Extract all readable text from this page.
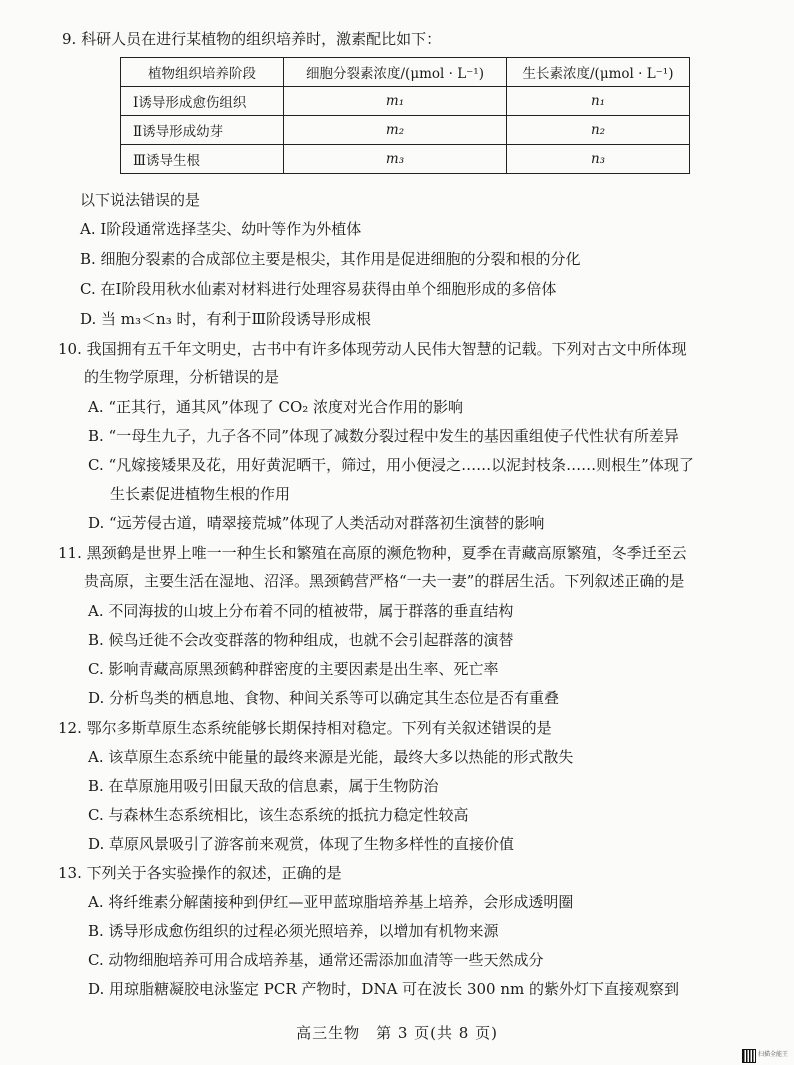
9. 科研人员在进行某植物的组织培养时，激素配比如下：
植物组织培养阶段	细胞分裂素浓度/(μmol · L⁻¹)	生长素浓度/(μmol · L⁻¹)
Ⅰ诱导形成愈伤组织	m₁	n₁
Ⅱ诱导形成幼芽	m₂	n₂
Ⅲ诱导生根	m₃	n₃
以下说法错误的是
A. Ⅰ阶段通常选择茎尖、幼叶等作为外植体
B. 细胞分裂素的合成部位主要是根尖，其作用是促进细胞的分裂和根的分化
C. 在Ⅰ阶段用秋水仙素对材料进行处理容易获得由单个细胞形成的多倍体
D. 当 m₃＜n₃ 时，有利于Ⅲ阶段诱导形成根
10. 我国拥有五千年文明史，古书中有许多体现劳动人民伟大智慧的记载。下列对古文中所体现
的生物学原理，分析错误的是
A. “正其行，通其风”体现了 CO₂ 浓度对光合作用的影响
B. “一母生九子，九子各不同”体现了减数分裂过程中发生的基因重组使子代性状有所差异
C. “凡嫁接矮果及花，用好黄泥晒干，筛过，用小便浸之……以泥封枝条……则根生”体现了
生长素促进植物生根的作用
D. “远芳侵古道，晴翠接荒城”体现了人类活动对群落初生演替的影响
11. 黑颈鹤是世界上唯一一种生长和繁殖在高原的濒危物种，夏季在青藏高原繁殖，冬季迁至云
贵高原，主要生活在湿地、沼泽。黑颈鹤营严格“一夫一妻”的群居生活。下列叙述正确的是
A. 不同海拔的山坡上分布着不同的植被带，属于群落的垂直结构
B. 候鸟迁徙不会改变群落的物种组成，也就不会引起群落的演替
C. 影响青藏高原黑颈鹤种群密度的主要因素是出生率、死亡率
D. 分析鸟类的栖息地、食物、种间关系等可以确定其生态位是否有重叠
12. 鄂尔多斯草原生态系统能够长期保持相对稳定。下列有关叙述错误的是
A. 该草原生态系统中能量的最终来源是光能，最终大多以热能的形式散失
B. 在草原施用吸引田鼠天敌的信息素，属于生物防治
C. 与森林生态系统相比，该生态系统的抵抗力稳定性较高
D. 草原风景吸引了游客前来观赏，体现了生物多样性的直接价值
13. 下列关于各实验操作的叙述，正确的是
A. 将纤维素分解菌接种到伊红—亚甲蓝琼脂培养基上培养，会形成透明圈
B. 诱导形成愈伤组织的过程必须光照培养，以增加有机物来源
C. 动物细胞培养可用合成培养基，通常还需添加血清等一些天然成分
D. 用琼脂糖凝胶电泳鉴定 PCR 产物时，DNA 可在波长 300 nm 的紫外灯下直接观察到
高三生物　第 3 页(共 8 页)
扫描全能王
